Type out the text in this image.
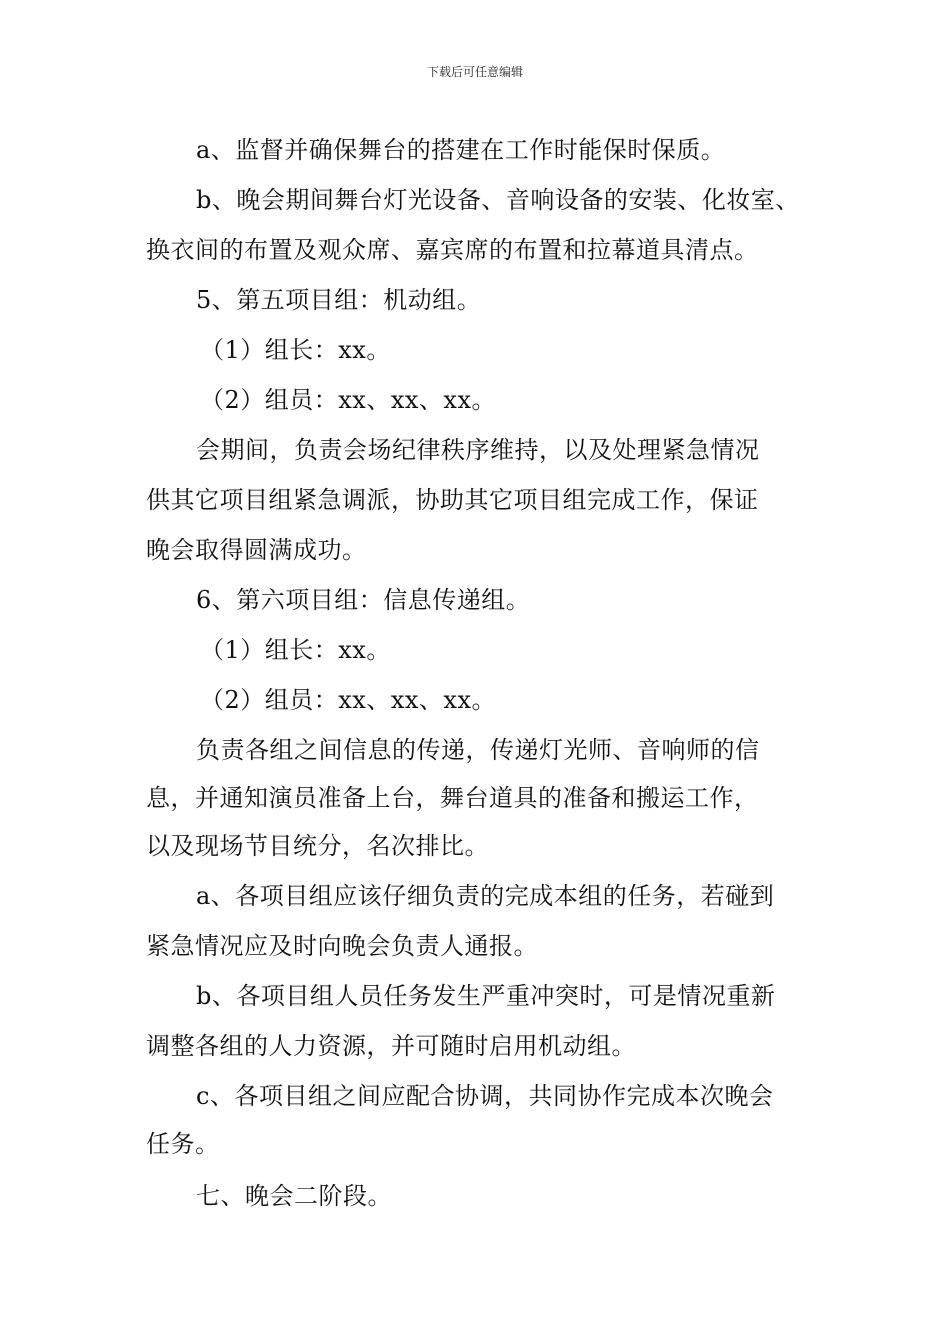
下载后可任意编辑
a、监督并确保舞台的搭建在工作时能保时保质。
b、晚会期间舞台灯光设备、音响设备的安装、化妆室、
换衣间的布置及观众席、嘉宾席的布置和拉幕道具清点。
5、第五项目组：机动组。
（1）组长：xx。
（2）组员：xx、xx、xx。
会期间，负责会场纪律秩序维持，以及处理紧急情况
供其它项目组紧急调派，协助其它项目组完成工作，保证
晚会取得圆满成功。
6、第六项目组：信息传递组。
（1）组长：xx。
（2）组员：xx、xx、xx。
负责各组之间信息的传递，传递灯光师、音响师的信
息，并通知演员准备上台，舞台道具的准备和搬运工作，
以及现场节目统分，名次排比。
a、各项目组应该仔细负责的完成本组的任务，若碰到
紧急情况应及时向晚会负责人通报。
b、各项目组人员任务发生严重冲突时，可是情况重新
调整各组的人力资源，并可随时启用机动组。
c、各项目组之间应配合协调，共同协作完成本次晚会
任务。
七、晚会二阶段。
